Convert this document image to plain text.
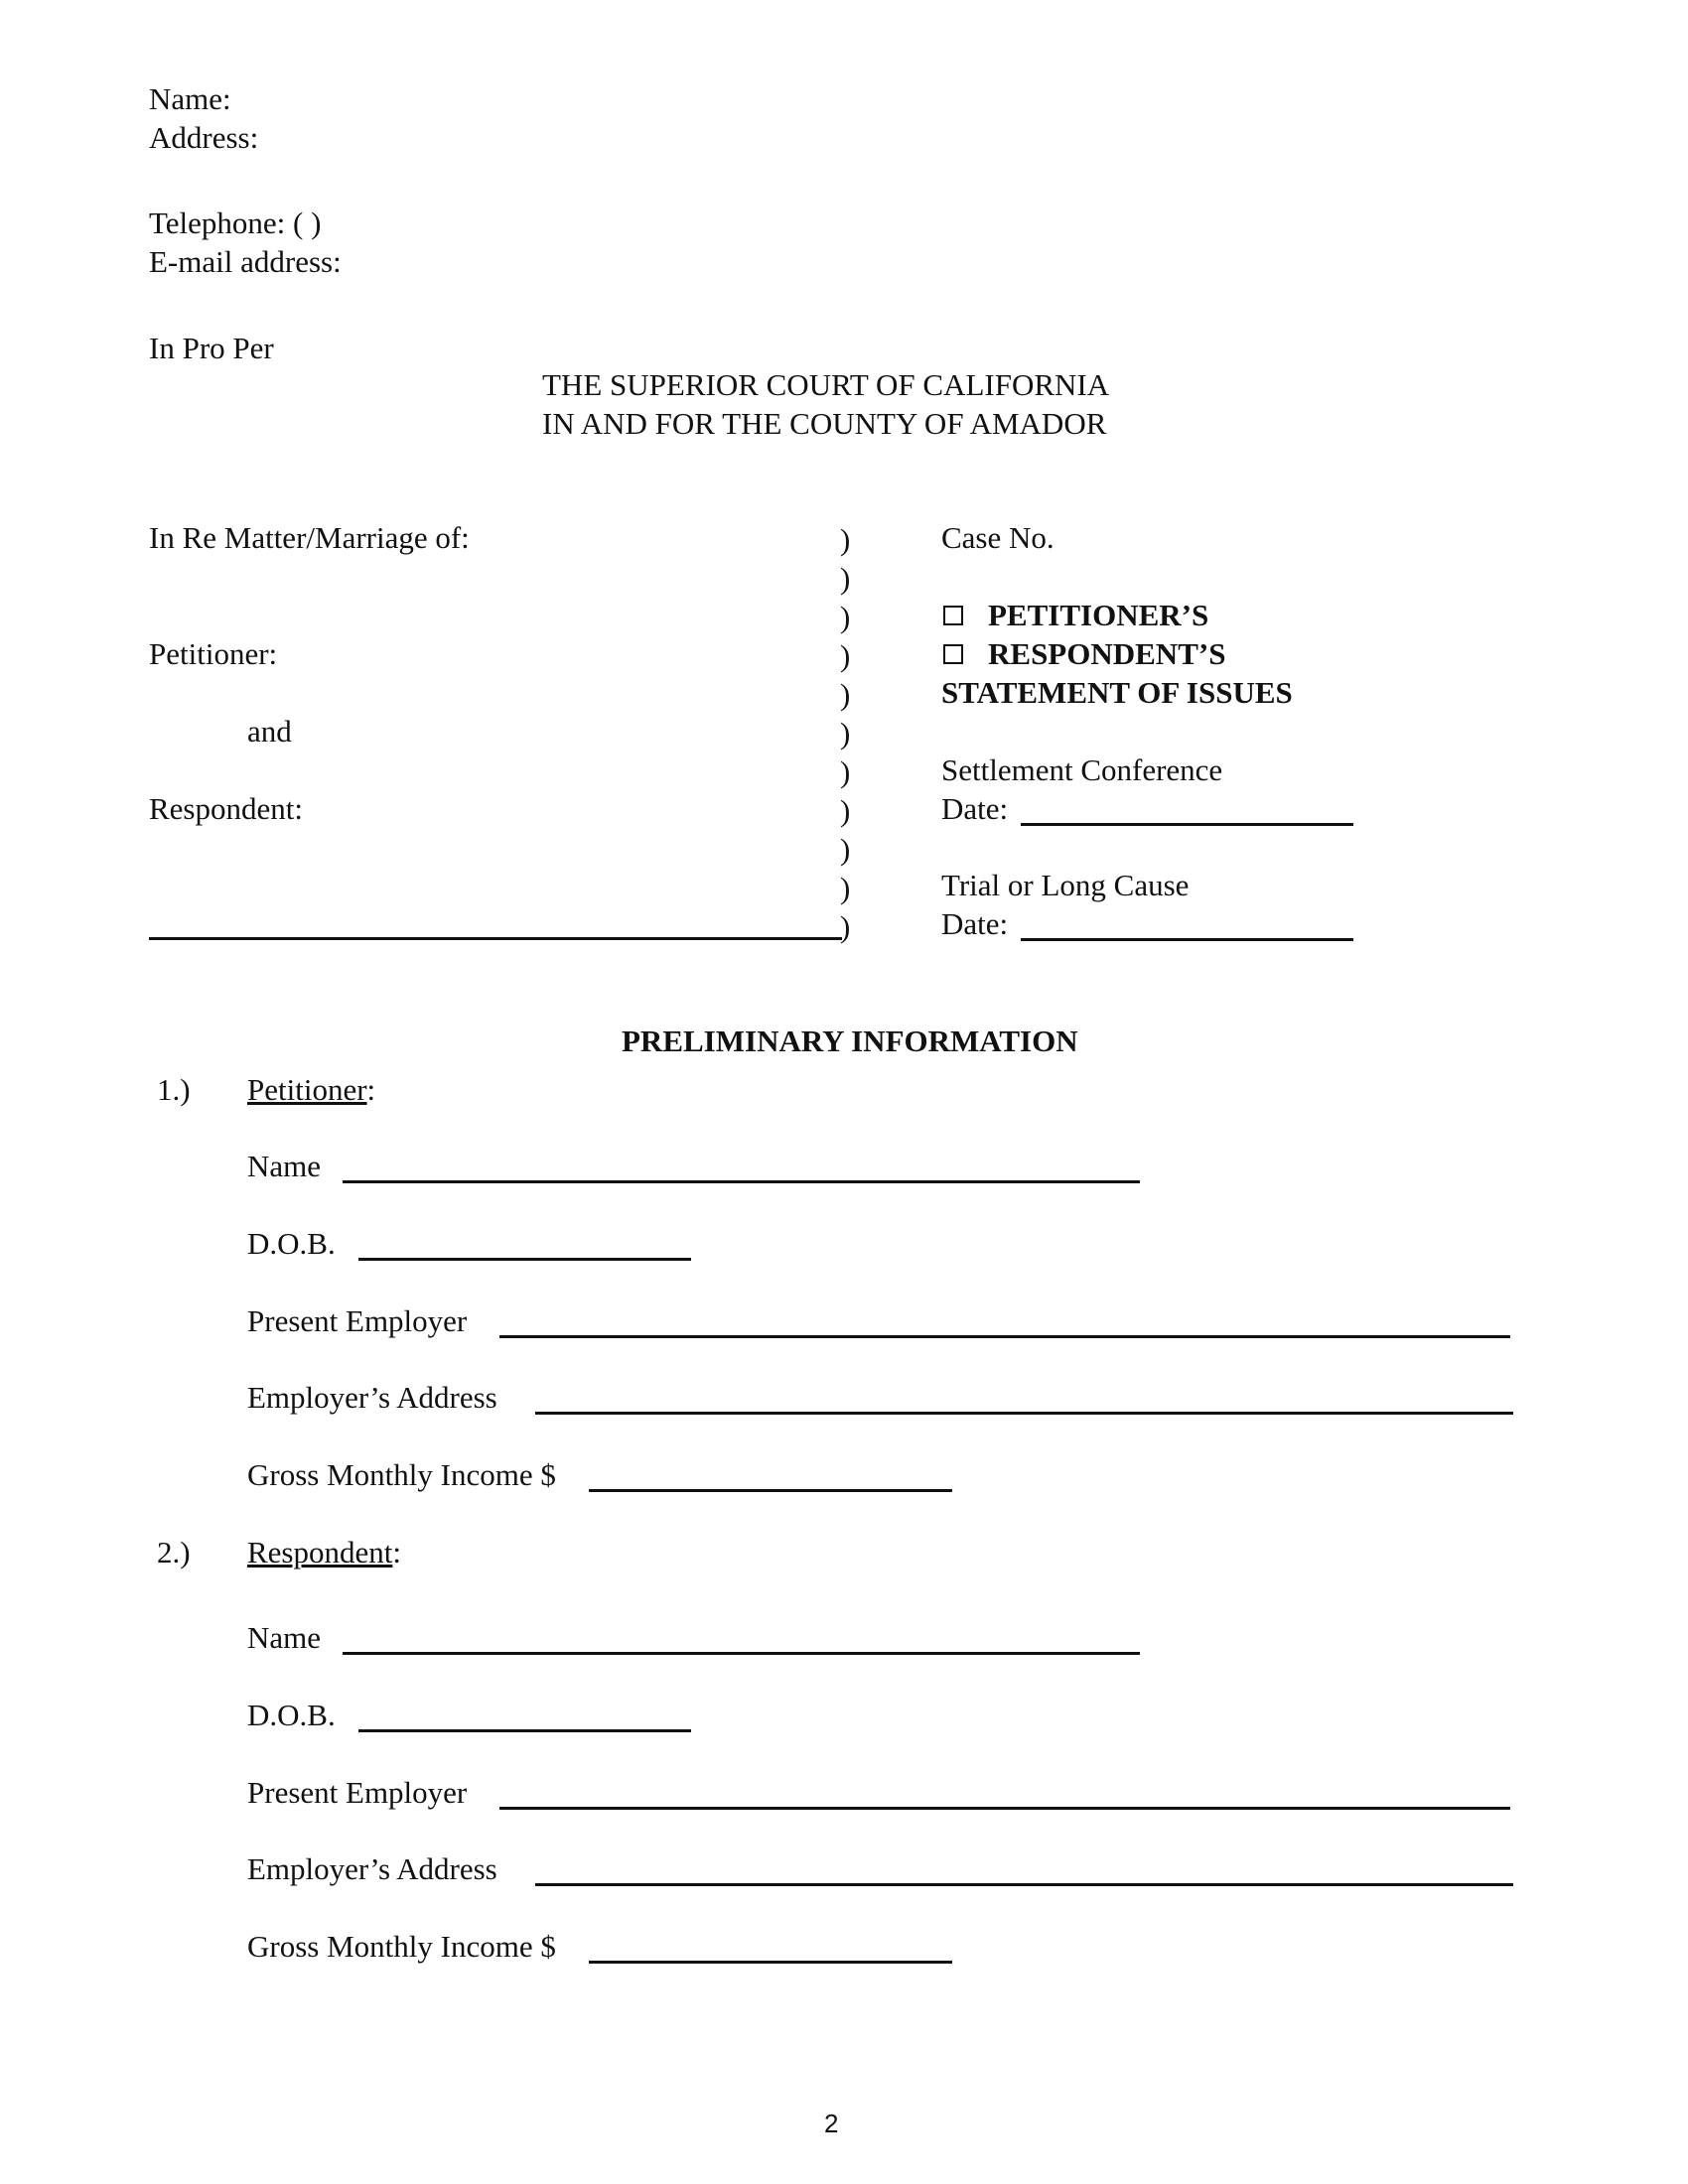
Name:
Address:
Telephone: ( )
E-mail address:
In Pro Per
THE SUPERIOR COURT OF CALIFORNIA
IN AND FOR THE COUNTY OF AMADOR
In Re Matter/Marriage of:
Petitioner:
and
Respondent:
)
)
)
)
)
)
)
)
)
)
)
Case No.
PETITIONER’S
RESPONDENT’S
STATEMENT OF ISSUES
Settlement Conference
Date:
Trial or Long Cause
Date:
PRELIMINARY INFORMATION
1.) Petitioner:
Name
D.O.B.
Present Employer
Employer’s Address
Gross Monthly Income $
2.) Respondent:
Name
D.O.B.
Present Employer
Employer’s Address
Gross Monthly Income $
2
